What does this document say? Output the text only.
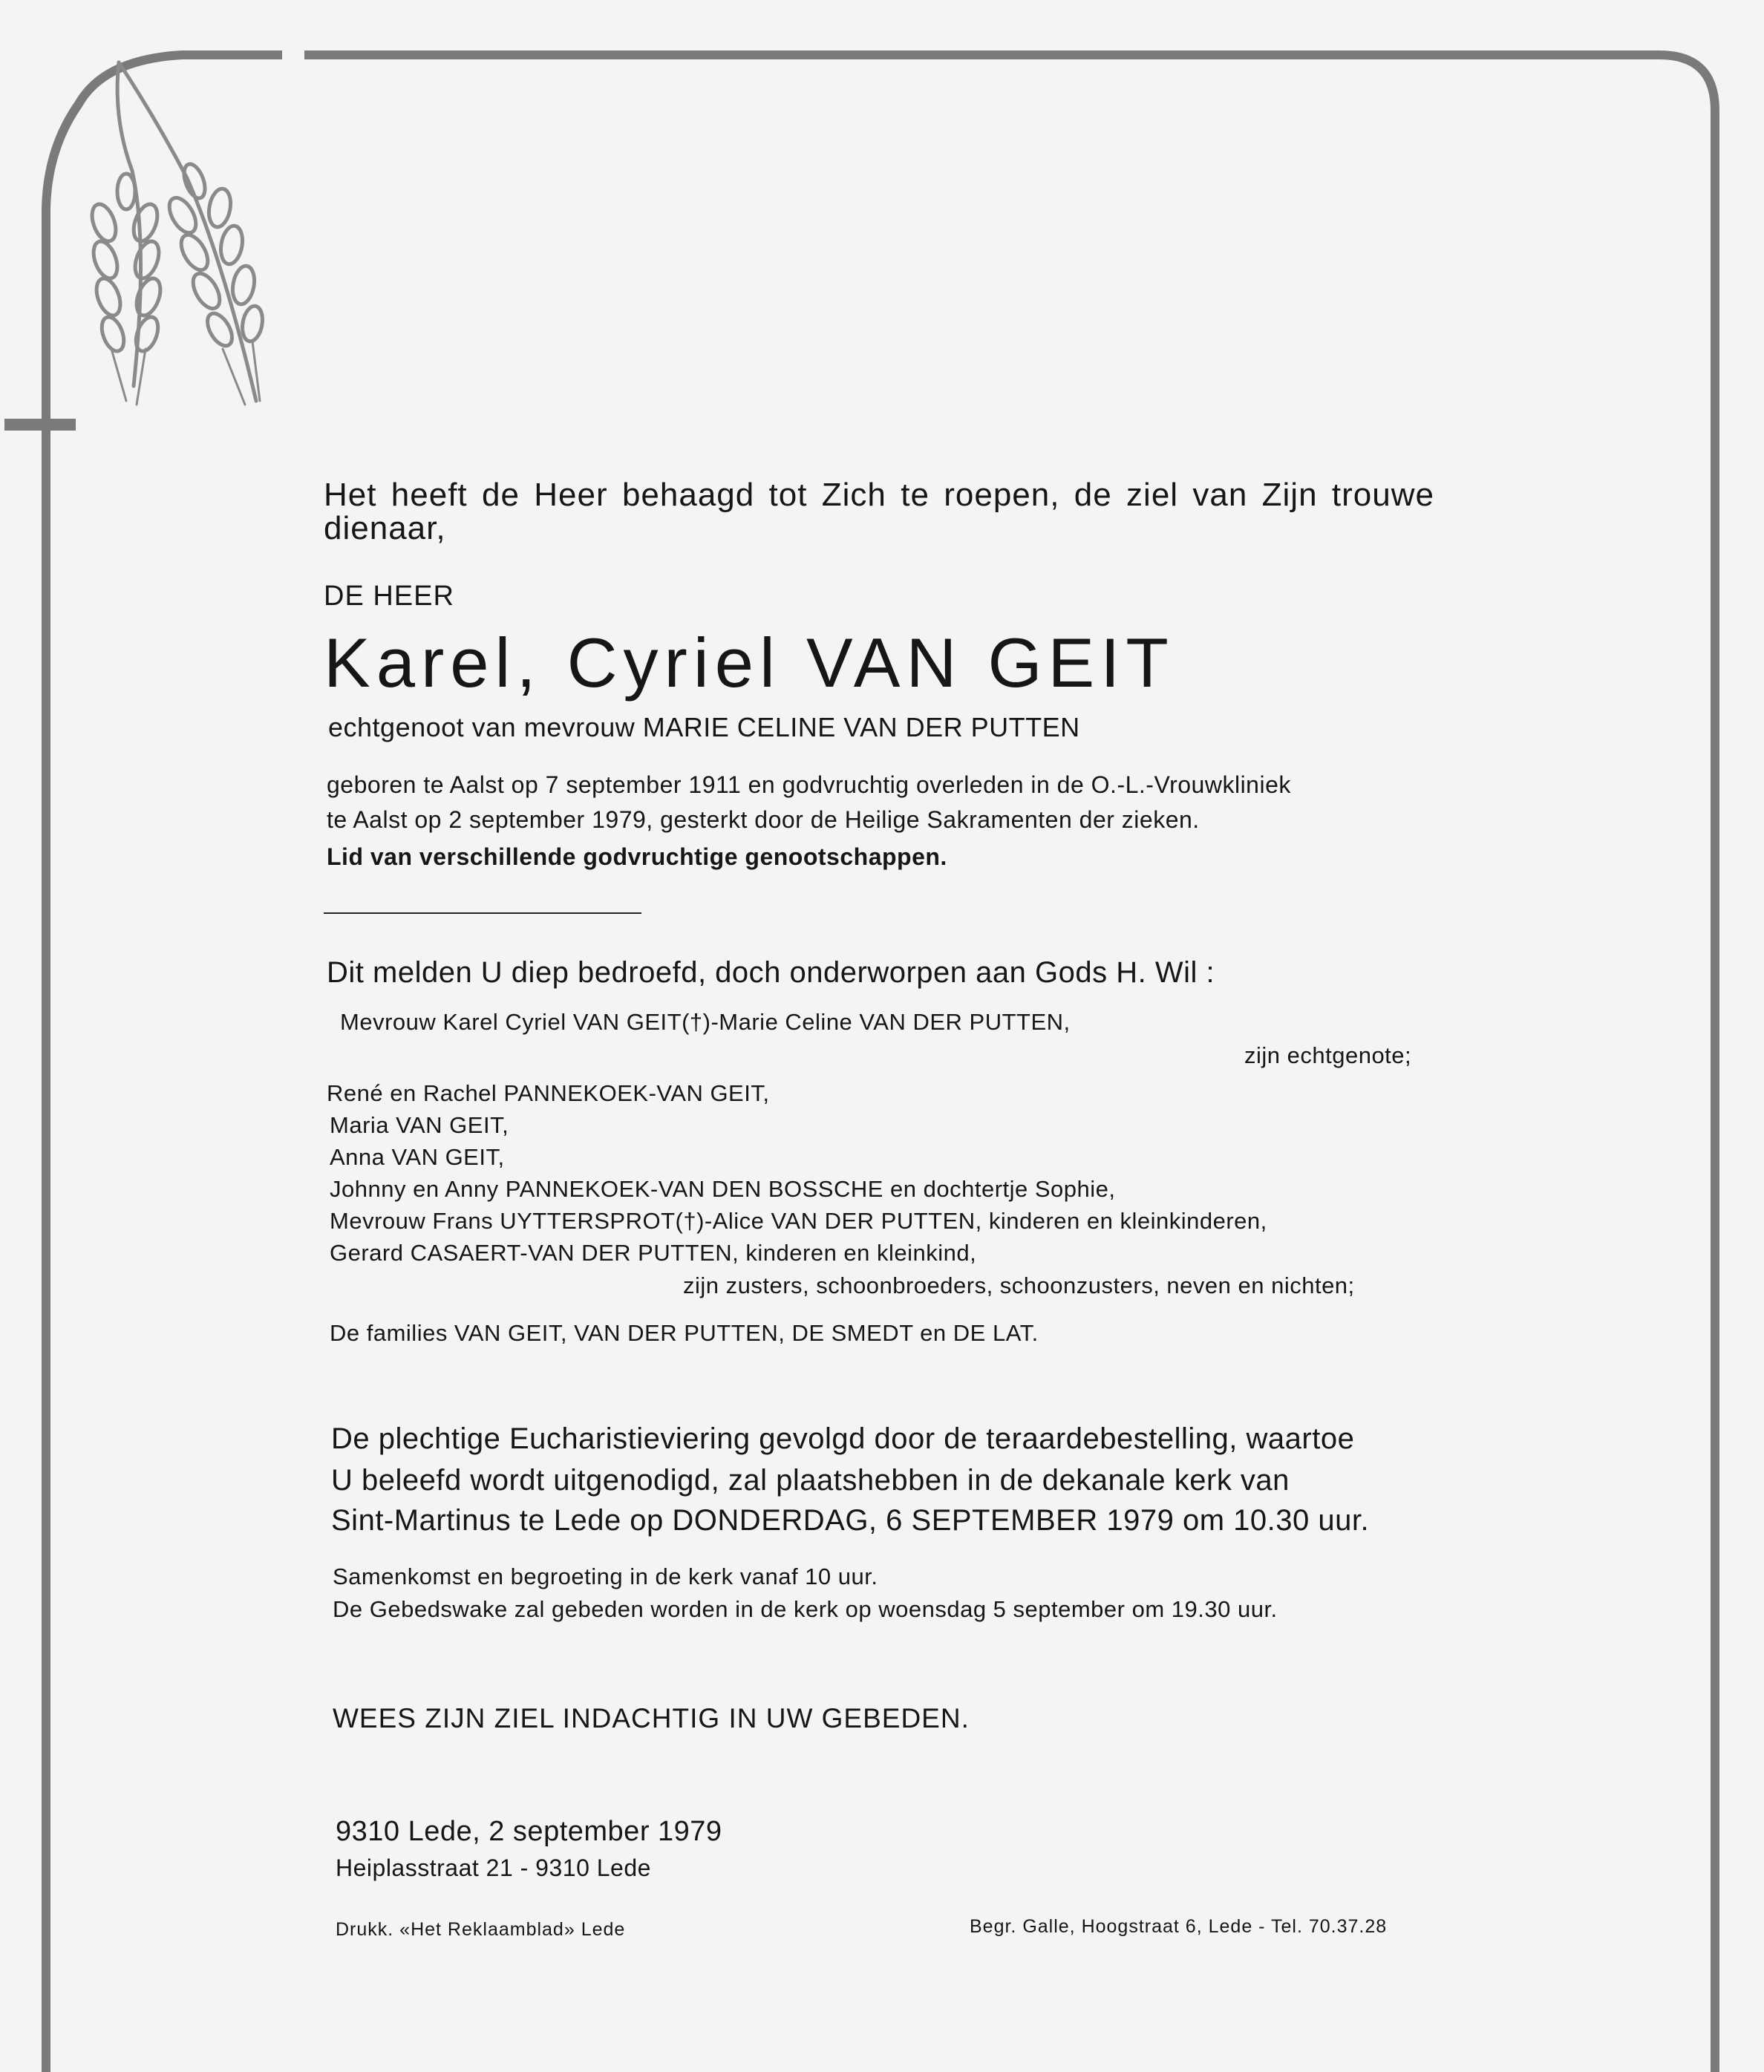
Het heeft de Heer behaagd tot Zich te roepen, de ziel van Zijn trouwe

dienaar,

DE HEER

Karel, Cyriel VAN GEIT

echtgenoot van mevrouw MARIE CELINE VAN DER PUTTEN

geboren te Aalst op 7 september 1911 en godvruchtig overleden in de O.-L.-Vrouwkliniek

te Aalst op 2 september 1979, gesterkt door de Heilige Sakramenten der zieken.

Lid van verschillende godvruchtige genootschappen.

Dit melden U diep bedroefd, doch onderworpen aan Gods H. Wil :

Mevrouw Karel Cyriel VAN GEIT(†)-Marie Celine VAN DER PUTTEN,

zijn echtgenote;

René en Rachel PANNEKOEK-VAN GEIT,

Maria VAN GEIT,

Anna VAN GEIT,

Johnny en Anny PANNEKOEK-VAN DEN BOSSCHE en dochtertje Sophie,

Mevrouw Frans UYTTERSPROT(†)-Alice VAN DER PUTTEN, kinderen en kleinkinderen,

Gerard CASAERT-VAN DER PUTTEN, kinderen en kleinkind,

zijn zusters, schoonbroeders, schoonzusters, neven en nichten;

De families VAN GEIT, VAN DER PUTTEN, DE SMEDT en DE LAT.

De plechtige Eucharistieviering gevolgd door de teraardebestelling, waartoe

U beleefd wordt uitgenodigd, zal plaatshebben in de dekanale kerk van

Sint-Martinus te Lede op DONDERDAG, 6 SEPTEMBER 1979 om 10.30 uur.

Samenkomst en begroeting in de kerk vanaf 10 uur.

De Gebedswake zal gebeden worden in de kerk op woensdag 5 september om 19.30 uur.

WEES ZIJN ZIEL INDACHTIG IN UW GEBEDEN.

9310 Lede, 2 september 1979

Heiplasstraat 21 - 9310 Lede

Drukk. «Het Reklaamblad» Lede	Begr. Galle, Hoogstraat 6, Lede - Tel. 70.37.28
